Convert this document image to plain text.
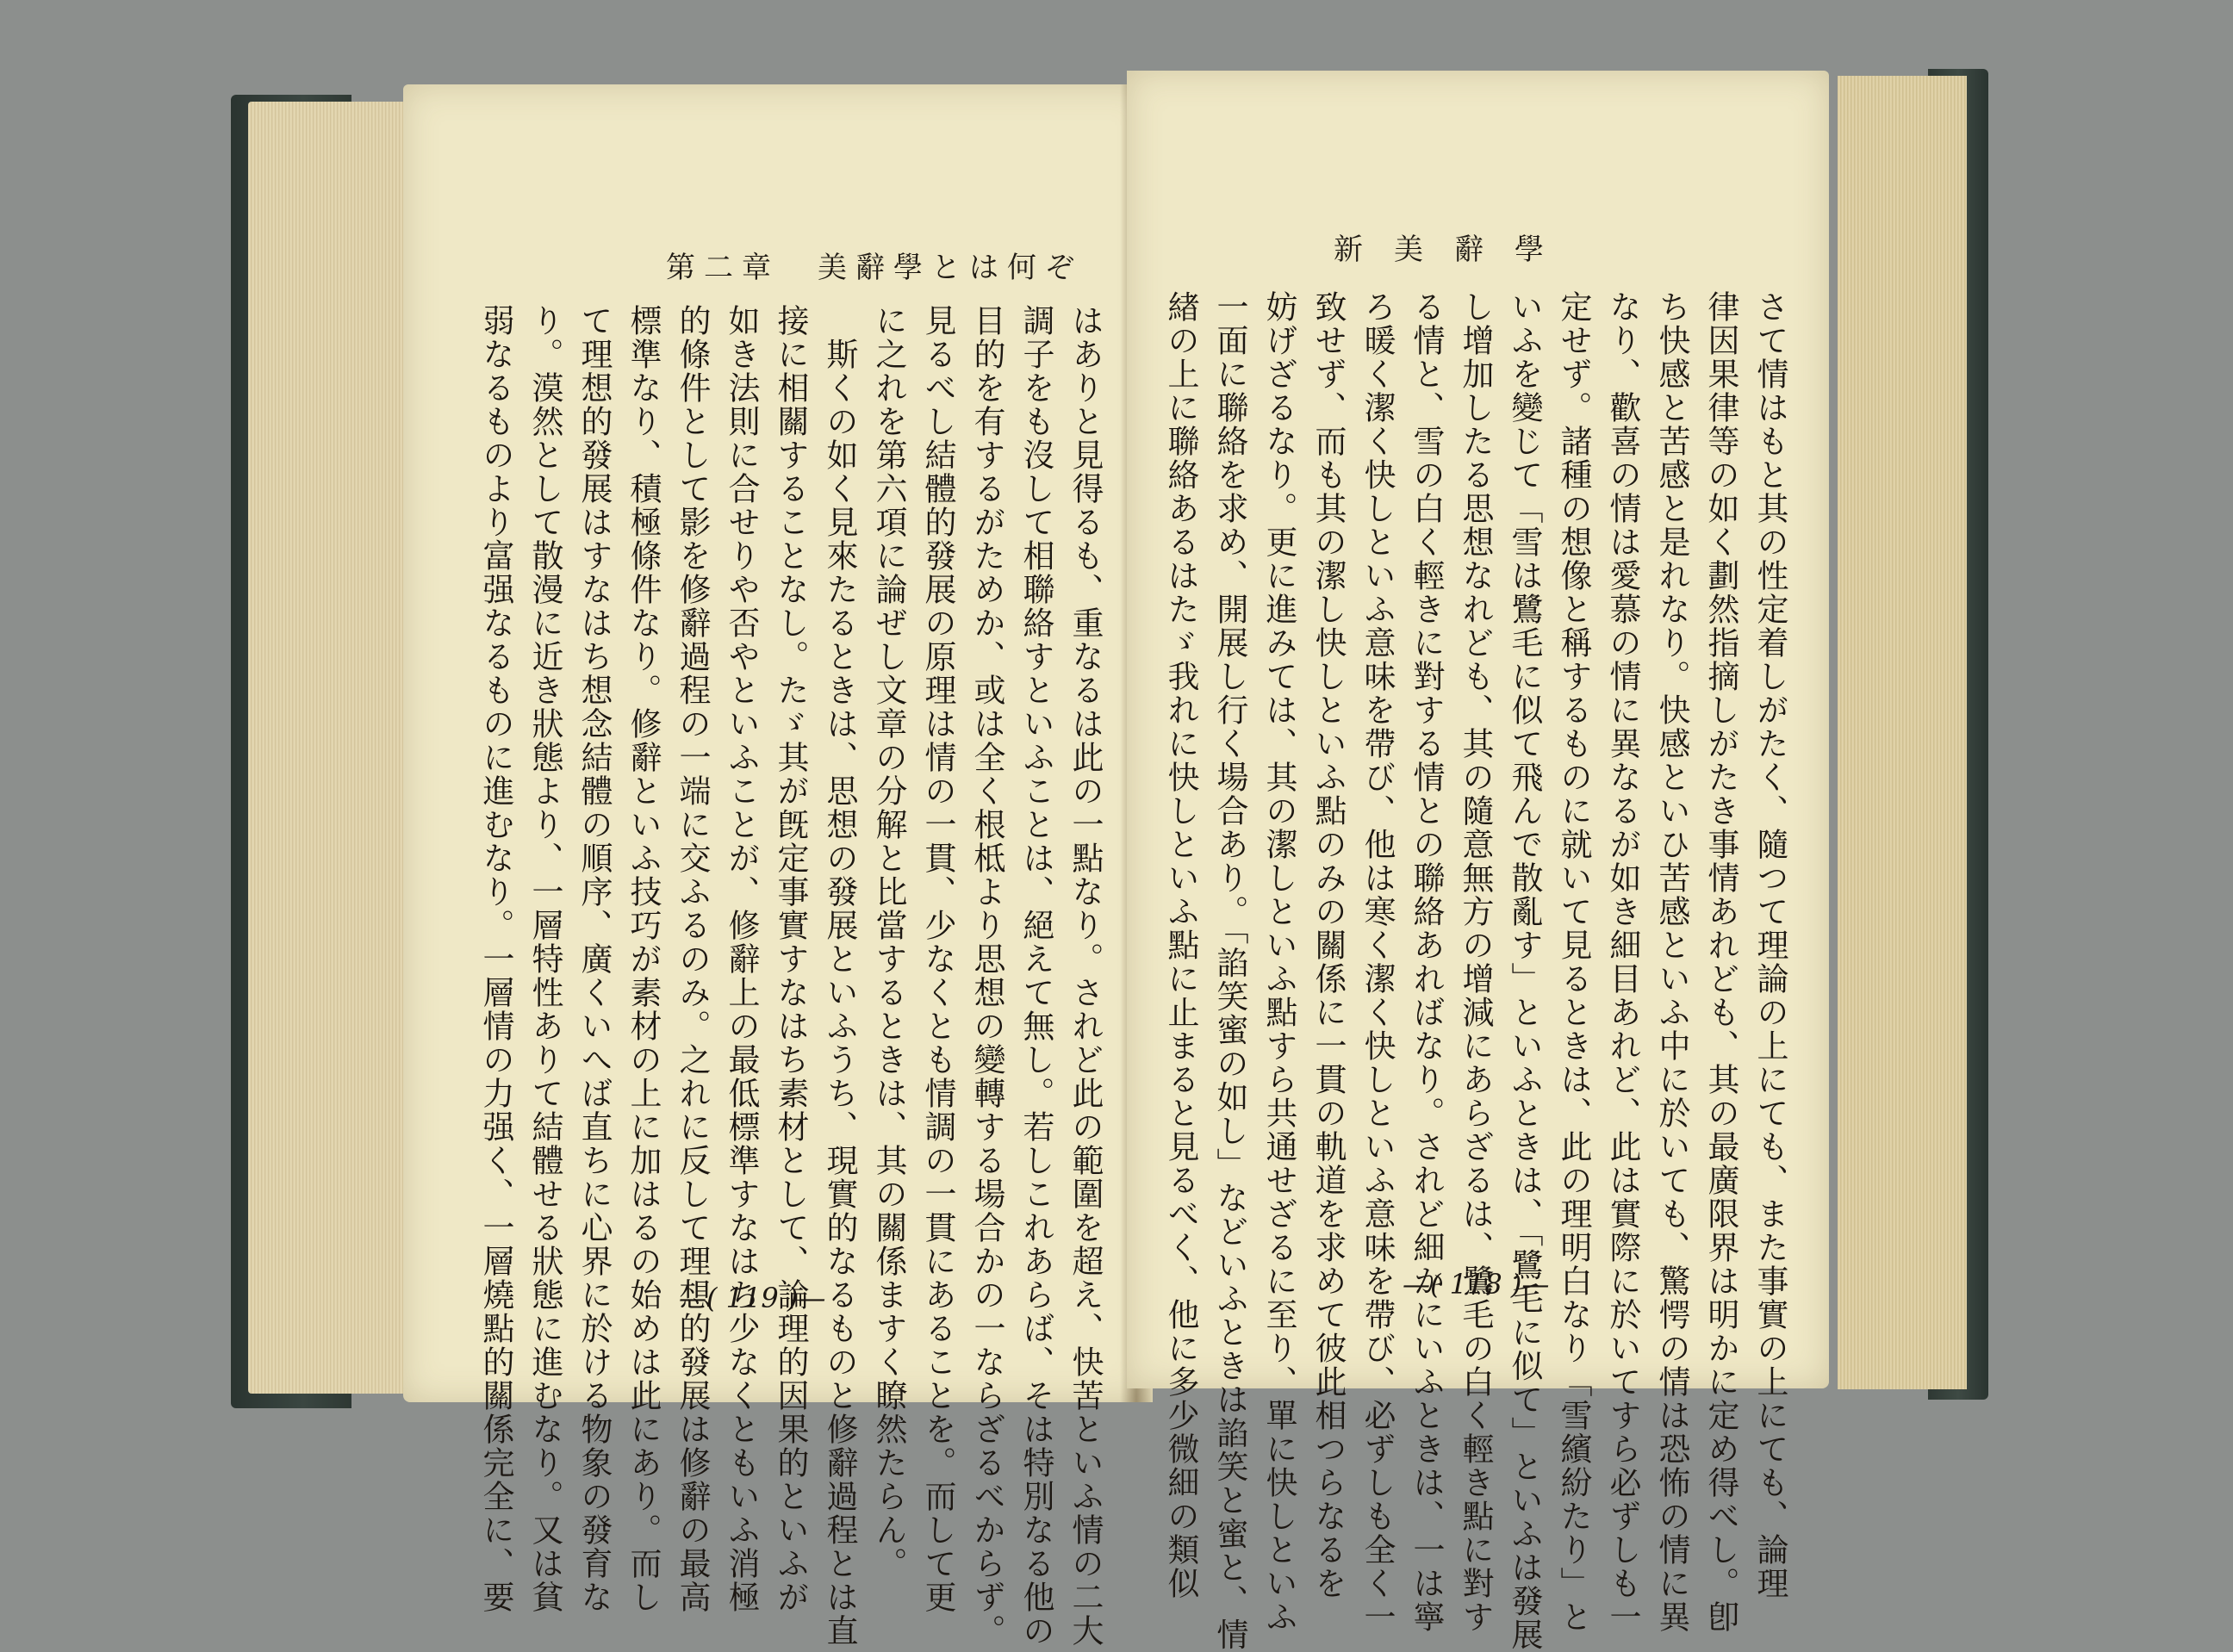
第二章　美辭學とは何ぞ
はありと見得るも、重なるは此の一點なり。されど此の範圍を超え、快苦といふ情の二大
調子をも沒して相聯絡すといふことは、絕えて無し。若しこれあらば、そは特別なる他の
目的を有するがためか、或は全く根柢より思想の變轉する場合かの一ならざるべからず。
見るべし結體的發展の原理は情の一貫、少なくとも情調の一貫にあることを。而して更
に之れを第六項に論ぜし文章の分解と比當するときは、其の關係ますく瞭然たらん。
　斯くの如く見來たるときは、思想の發展といふうち、現實的なるものと修辭過程とは直
接に相關することなし。たゞ其が旣定事實すなはち素材として、論理的因果的といふが
如き法則に合せりや否やといふことが、修辭上の最低標準すなはち少なくともいふ消極
的條件として影を修辭過程の一端に交ふるのみ。之れに反して理想的發展は修辭の最高
標準なり、積極條件なり。修辭といふ技巧が素材の上に加はるの始めは此にあり。而し
て理想的發展はすなはち想念結體の順序、廣くいへば直ちに心界に於ける物象の發育な
り。漠然として散漫に近き狀態より、一層特性ありて結體せる狀態に進むなり。又は貧
弱なるものより富强なるものに進むなり。一層情の力强く、一層燒點的關係完全に、要	—( 119 )—
新美辭學
さて情はもと其の性定着しがたく、隨つて理論の上にても、また事實の上にても、論理
律因果律等の如く劃然指摘しがたき事情あれども、其の最廣限界は明かに定め得べし。卽
ち快感と苦感と是れなり。快感といひ苦感といふ中に於いても、驚愕の情は恐怖の情に異
なり、歡喜の情は愛慕の情に異なるが如き細目あれど、此は實際に於いてすら必ずしも一
定せず。諸種の想像と稱するものに就いて見るときは、此の理明白なり「雪繽紛たり」と
いふを變じて「雪は鷺毛に似て飛んで散亂す」といふときは、「鷺毛に似て」といふは發展
し增加したる思想なれども、其の隨意無方の增減にあらざるは、鷺毛の白く輕き點に對す
る情と、雪の白く輕きに對する情との聯絡あればなり。されど細かにいふときは、一は寧
ろ暖く潔く快しといふ意味を帶び、他は寒く潔く快しといふ意味を帶び、必ずしも全く一
致せず、而も其の潔し快しといふ點のみの關係に一貫の軌道を求めて彼此相つらなるを
妨げざるなり。更に進みては、其の潔しといふ點すら共通せざるに至り、單に快しといふ
一面に聯絡を求め、開展し行く場合あり。「諂笑蜜の如し」などいふときは諂笑と蜜と、情
緖の上に聯絡あるはたゞ我れに快しといふ點に止まると見るべく、他に多少微細の類似	—( 118 )—
